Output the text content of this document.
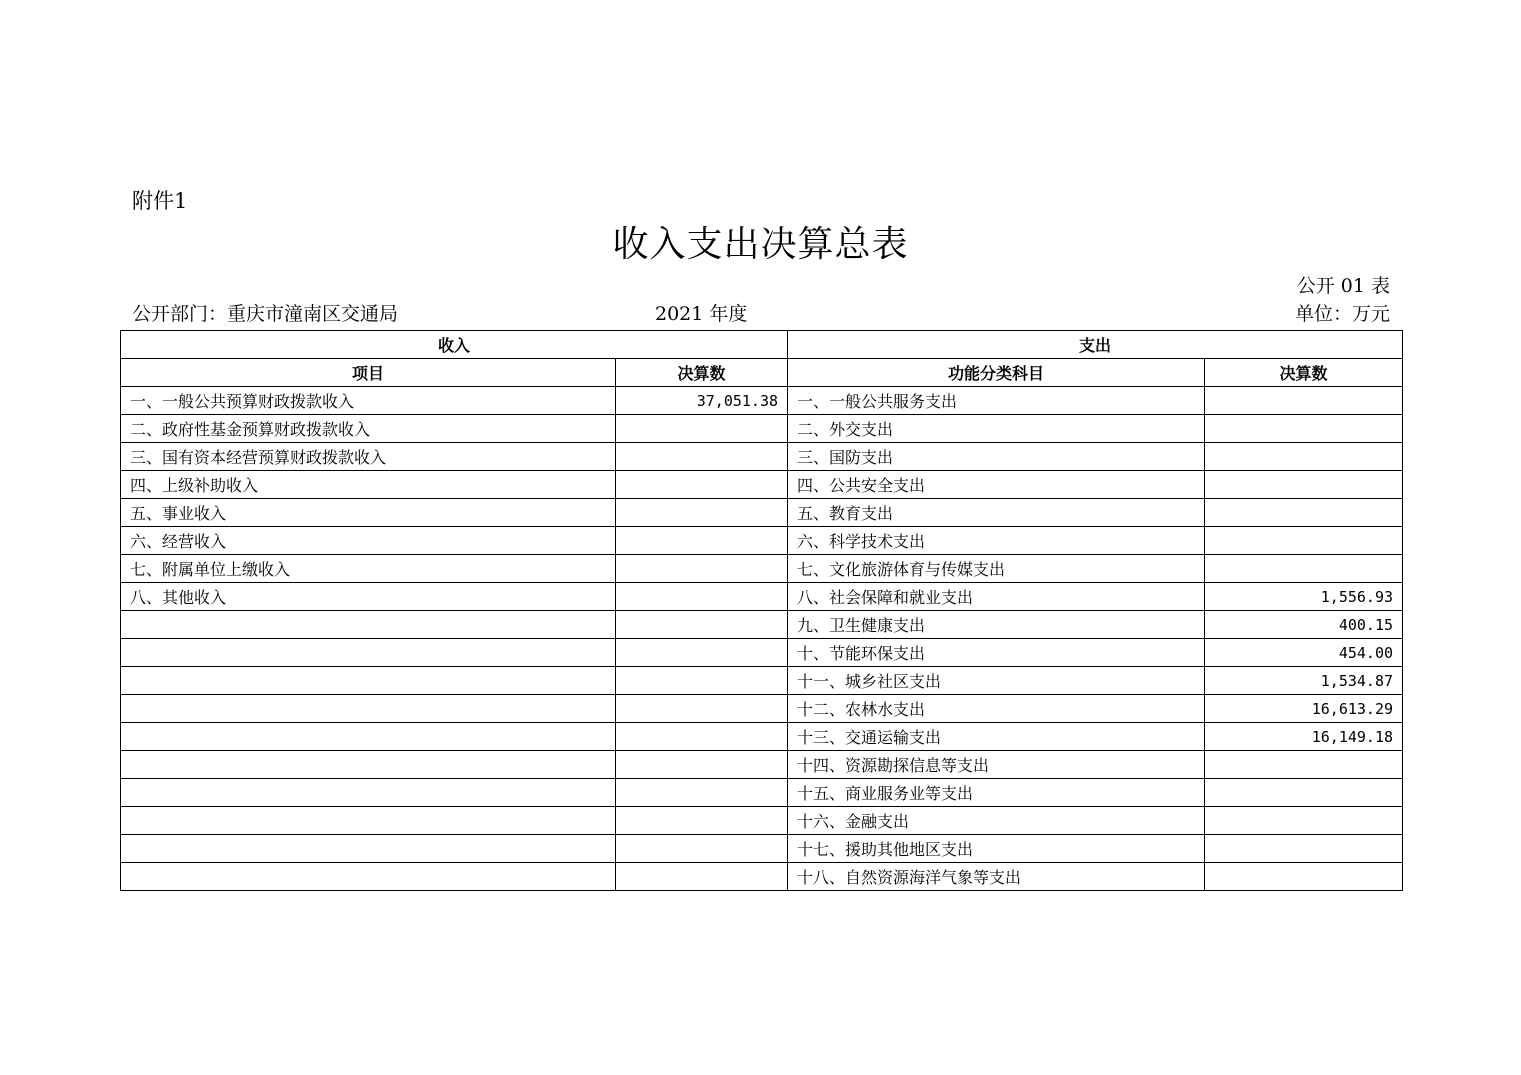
附件1
收入支出决算总表
公开 01 表
公开部门：重庆市潼南区交通局	2021 年度	单位：万元
收入		支出	
项目	决算数	功能分类科目	决算数
一、一般公共预算财政拨款收入	37,051.38	一、一般公共服务支出	
二、政府性基金预算财政拨款收入		二、外交支出	
三、国有资本经营预算财政拨款收入		三、国防支出	
四、上级补助收入		四、公共安全支出	
五、事业收入		五、教育支出	
六、经营收入		六、科学技术支出	
七、附属单位上缴收入		七、文化旅游体育与传媒支出	
八、其他收入		八、社会保障和就业支出	1,556.93
		九、卫生健康支出	400.15
		十、节能环保支出	454.00
		十一、城乡社区支出	1,534.87
		十二、农林水支出	16,613.29
		十三、交通运输支出	16,149.18
		十四、资源勘探信息等支出	
		十五、商业服务业等支出	
		十六、金融支出	
		十七、援助其他地区支出	
		十八、自然资源海洋气象等支出	
